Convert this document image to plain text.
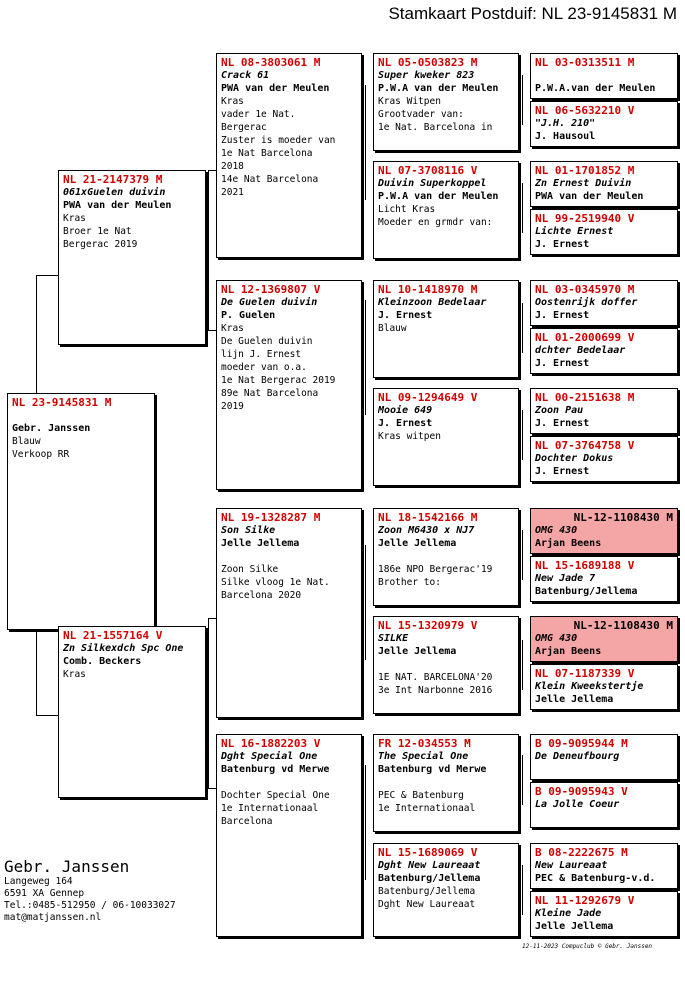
Stamkaart Postduif: NL 23-9145831 M
NL 23-9145831 M
Gebr. Janssen
Blauw
Verkoop RR
NL 21-2147379 M
061xGuelen duivin
PWA van der Meulen
Kras
Broer 1e Nat
Bergerac 2019
NL 21-1557164 V
Zn Silkexdch Spc One
Comb. Beckers
Kras
NL 08-3803061 M
Crack 61
PWA van der Meulen
Kras
vader 1e Nat.
Bergerac
Zuster is moeder van
1e Nat Barcelona
2018
14e Nat Barcelona
2021
NL 12-1369807 V
De Guelen duivin
P. Guelen
Kras
De Guelen duivin
lijn J. Ernest
moeder van o.a.
1e Nat Bergerac 2019
89e Nat Barcelona
2019
NL 19-1328287 M
Son Silke
Jelle Jellema
Zoon Silke
Silke vloog 1e Nat.
Barcelona 2020
NL 16-1882203 V
Dght Special One
Batenburg vd Merwe
Dochter Special One
1e Internationaal
Barcelona
NL 05-0503823 M
Super kweker 823
P.W.A van der Meulen
Kras Witpen
Grootvader van:
1e Nat. Barcelona in
NL 07-3708116 V
Duivin Superkoppel
P.W.A van der Meulen
Licht Kras
Moeder en grmdr van:
NL 10-1418970 M
Kleinzoon Bedelaar
J. Ernest
Blauw
NL 09-1294649 V
Mooie 649
J. Ernest
Kras witpen
NL 18-1542166 M
Zoon M6430 x NJ7
Jelle Jellema
186e NPO Bergerac'19
Brother to:
NL 15-1320979 V
SILKE
Jelle Jellema
1E NAT. BARCELONA'20
3e Int Narbonne 2016
FR 12-034553 M
The Special One
Batenburg vd Merwe
PEC & Batenburg
1e Internationaal
NL 15-1689069 V
Dght New Laureaat
Batenburg/Jellema
Batenburg/Jellema
Dght New Laureaat
NL 03-0313511 M
P.W.A.van der Meulen
NL 06-5632210 V
"J.H. 210"
J. Hausoul
NL 01-1701852 M
Zn Ernest Duivin
PWA van der Meulen
NL 99-2519940 V
Lichte Ernest
J. Ernest
NL 03-0345970 M
Oostenrijk doffer
J. Ernest
NL 01-2000699 V
dchter Bedelaar
J. Ernest
NL 00-2151638 M
Zoon Pau
J. Ernest
NL 07-3764758 V
Dochter Dokus
J. Ernest
NL-12-1108430 M
OMG 430
Arjan Beens
NL 15-1689188 V
New Jade 7
Batenburg/Jellema
NL-12-1108430 M
OMG 430
Arjan Beens
NL 07-1187339 V
Klein Kweekstertje
Jelle Jellema
B 09-9095944 M
De Deneufbourg
B 09-9095943 V
La Jolle Coeur
B 08-2222675 M
New Laureaat
PEC & Batenburg-v.d.
NL 11-1292679 V
Kleine Jade
Jelle Jellema
Gebr. Janssen
Langeweg 164
6591 XA Gennep
Tel.:0485-512950 / 06-10033027
mat@matjanssen.nl
12-11-2023 Compuclub © Gebr. Janssen
